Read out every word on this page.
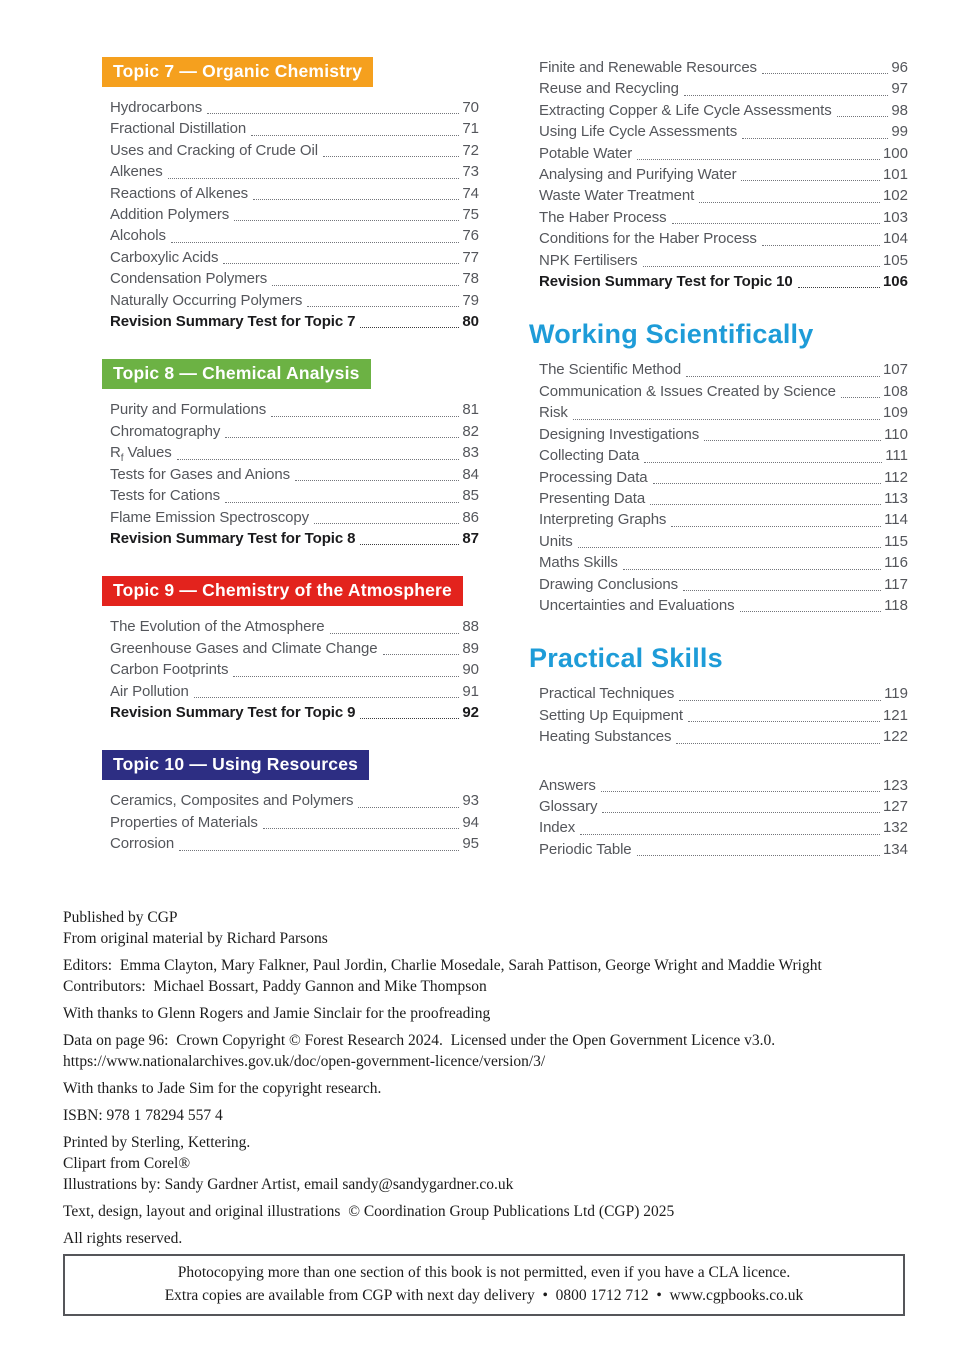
Topic 7 — Organic Chemistry
Hydrocarbons	70
Fractional Distillation	71
Uses and Cracking of Crude Oil	72
Alkenes	73
Reactions of Alkenes	74
Addition Polymers	75
Alcohols	76
Carboxylic Acids	77
Condensation Polymers	78
Naturally Occurring Polymers	79
Revision Summary Test for Topic 7	80
Topic 8 — Chemical Analysis
Purity and Formulations	81
Chromatography	82
$R_f$ Values	83
Tests for Gases and Anions	84
Tests for Cations	85
Flame Emission Spectroscopy	86
Revision Summary Test for Topic 8	87
Topic 9 — Chemistry of the Atmosphere
The Evolution of the Atmosphere	88
Greenhouse Gases and Climate Change	89
Carbon Footprints	90
Air Pollution	91
Revision Summary Test for Topic 9	92
Topic 10 — Using Resources
Ceramics, Composites and Polymers	93
Properties of Materials	94
Corrosion	95
Finite and Renewable Resources	96
Reuse and Recycling	97
Extracting Copper & Life Cycle Assessments	98
Using Life Cycle Assessments	99
Potable Water	100
Analysing and Purifying Water	101
Waste Water Treatment	102
The Haber Process	103
Conditions for the Haber Process	104
NPK Fertilisers	105
Revision Summary Test for Topic 10	106
Working Scientifically
The Scientific Method	107
Communication & Issues Created by Science	108
Risk	109
Designing Investigations	110
Collecting Data	111
Processing Data	112
Presenting Data	113
Interpreting Graphs	114
Units	115
Maths Skills	116
Drawing Conclusions	117
Uncertainties and Evaluations	118
Practical Skills
Practical Techniques	119
Setting Up Equipment	121
Heating Substances	122
Answers	123
Glossary	127
Index	132
Periodic Table	134

Published by CGP
From original material by Richard Parsons

Editors:  Emma Clayton, Mary Falkner, Paul Jordin, Charlie Mosedale, Sarah Pattison, George Wright and Maddie Wright
Contributors:  Michael Bossart, Paddy Gannon and Mike Thompson

With thanks to Glenn Rogers and Jamie Sinclair for the proofreading

Data on page 96:  Crown Copyright © Forest Research 2024.  Licensed under the Open Government Licence v3.0.
https://www.nationalarchives.gov.uk/doc/open-government-licence/version/3/

With thanks to Jade Sim for the copyright research.

ISBN: 978 1 78294 557 4

Printed by Sterling, Kettering.
Clipart from Corel®
Illustrations by: Sandy Gardner Artist, email sandy@sandygardner.co.uk

Text, design, layout and original illustrations  © Coordination Group Publications Ltd (CGP) 2025

All rights reserved.

Photocopying more than one section of this book is not permitted, even if you have a CLA licence.
Extra copies are available from CGP with next day delivery  •  0800 1712 712  •  www.cgpbooks.co.uk
